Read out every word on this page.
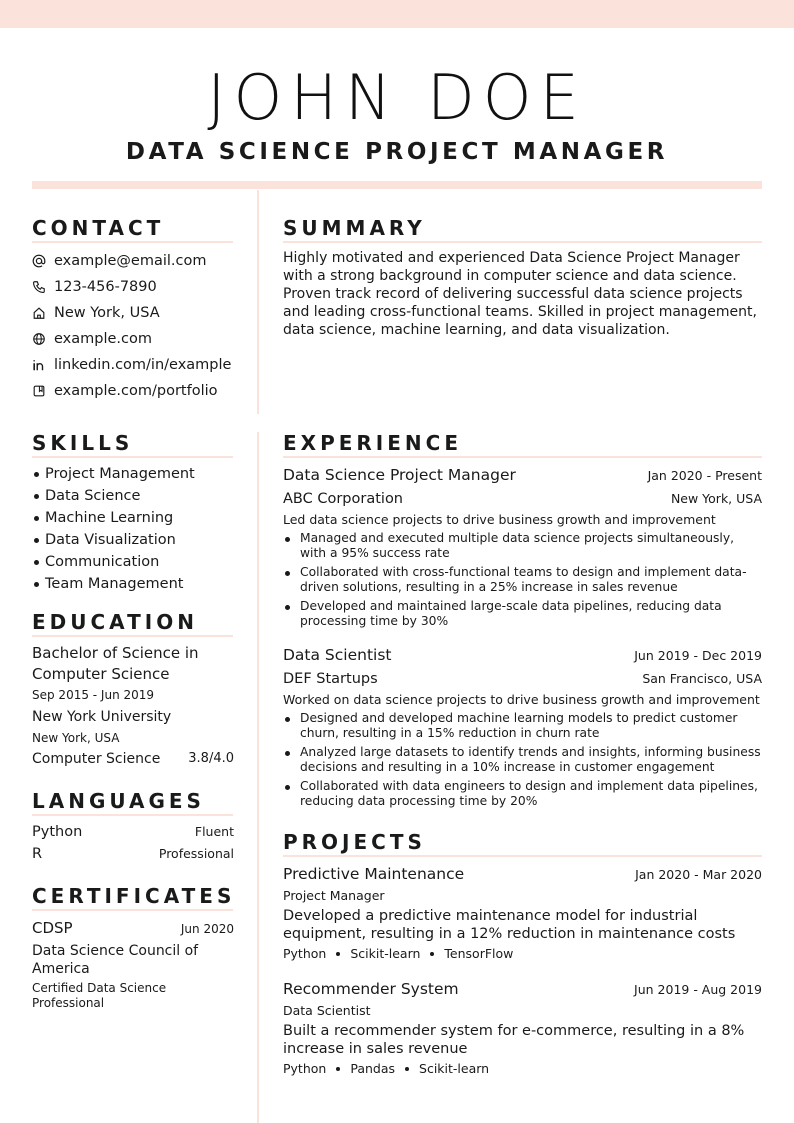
JOHN DOE
DATA SCIENCE PROJECT MANAGER
CONTACT
example@email.com
123-456-7890
New York, USA
example.com
linkedin.com/in/example
example.com/portfolio
SUMMARY
Highly motivated and experienced Data Science Project Manager with a strong background in computer science and data science. Proven track record of delivering successful data science projects and leading cross-functional teams. Skilled in project management, data science, machine learning, and data visualization.
SKILLS
Project Management
Data Science
Machine Learning
Data Visualization
Communication
Team Management
EDUCATION
Bachelor of Science in Computer Science
Sep 2015 - Jun 2019
New York University
New York, USA
Computer Science 3.8/4.0
LANGUAGES
Python	Fluent
R	Professional
CERTIFICATES
CDSP	Jun 2020
Data Science Council of America
Certified Data Science Professional
EXPERIENCE
Data Science Project Manager	Jan 2020 - Present
ABC Corporation	New York, USA
Led data science projects to drive business growth and improvement
Managed and executed multiple data science projects simultaneously, with a 95% success rate
Collaborated with cross-functional teams to design and implement data-driven solutions, resulting in a 25% increase in sales revenue
Developed and maintained large-scale data pipelines, reducing data processing time by 30%
Data Scientist	Jun 2019 - Dec 2019
DEF Startups	San Francisco, USA
Worked on data science projects to drive business growth and improvement
Designed and developed machine learning models to predict customer churn, resulting in a 15% reduction in churn rate
Analyzed large datasets to identify trends and insights, informing business decisions and resulting in a 10% increase in customer engagement
Collaborated with data engineers to design and implement data pipelines, reducing data processing time by 20%
PROJECTS
Predictive Maintenance	Jan 2020 - Mar 2020
Project Manager
Developed a predictive maintenance model for industrial equipment, resulting in a 12% reduction in maintenance costs
Python Scikit-learn TensorFlow
Recommender System	Jun 2019 - Aug 2019
Data Scientist
Built a recommender system for e-commerce, resulting in a 8% increase in sales revenue
Python Pandas Scikit-learn
